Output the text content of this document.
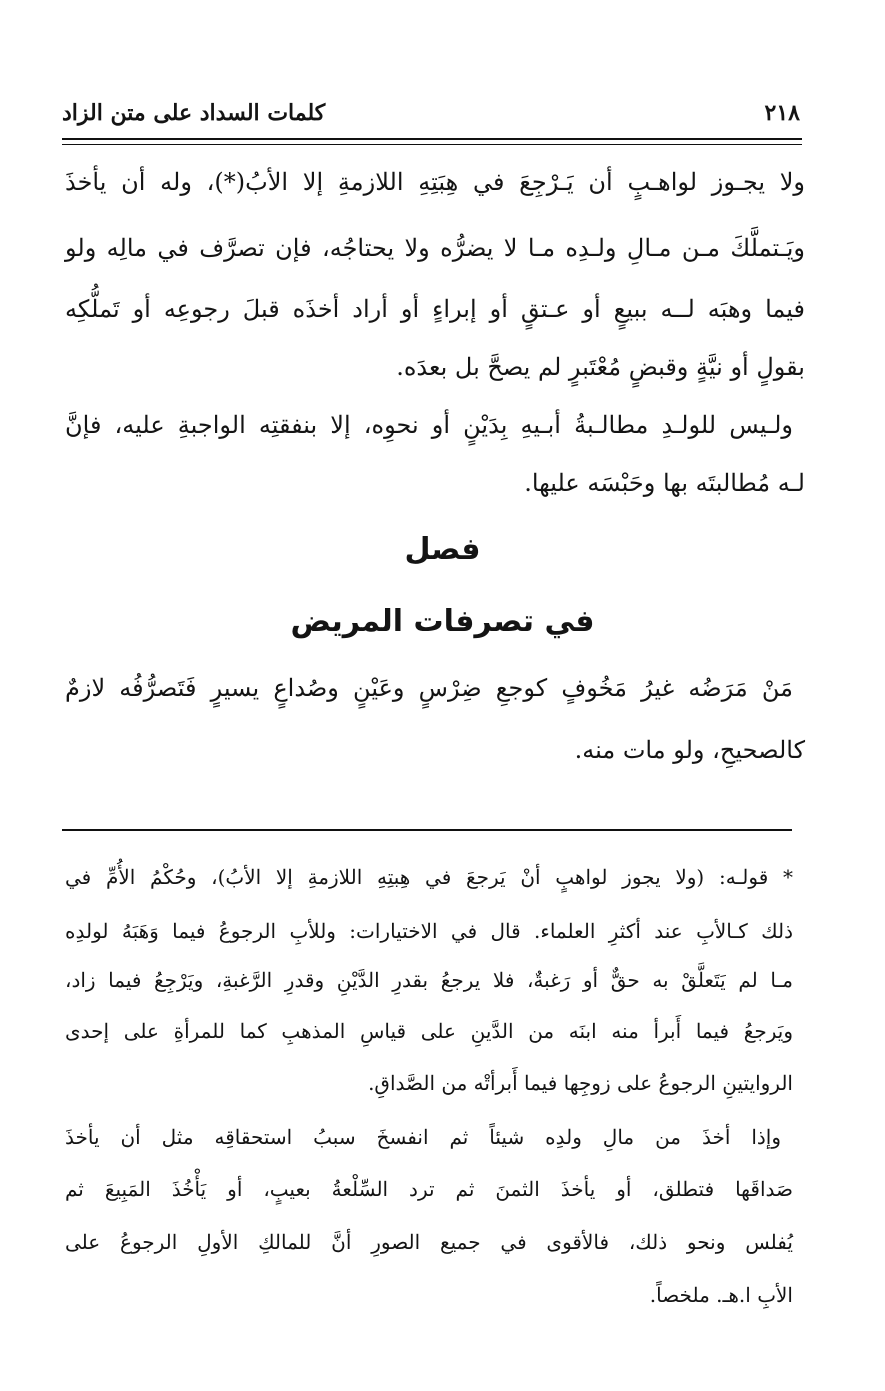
كلمات السداد على متن الزاد	٢١٨
ولا يجـوز لواهـبٍ أن يَـرْجِعَ في هِبَتِهِ اللازمةِ إلا الأبُ(*)، وله أن يأخذَ
ويَـتملَّكَ مـن مـالِ ولـدِه مـا لا يضرُّه ولا يحتاجُه، فإن تصرَّف في مالِه ولو
فيما وهبَه لــه ببيعٍ أو عـتقٍ أو إبراءٍ أو أراد أخذَه قبلَ رجوعِه أو تَملُّكِه
بقولٍ أو نيَّةٍ وقبضٍ مُعْتَبرٍ لم يصحَّ بل بعدَه.
ولـيس للولـدِ مطالـبةُ أبـيهِ بِدَيْنٍ أو نحوِه، إلا بنفقتِه الواجبةِ عليه، فإنَّ
لـه مُطالبتَه بها وحَبْسَه عليها.
فصل
في تصرفات المريض
مَنْ مَرَضُه غيرُ مَخُوفٍ كوجعِ ضِرْسٍ وعَيْنٍ وصُداعٍ يسيرٍ فَتَصرُّفُه لازمٌ
كالصحيحِ، ولو مات منه.
* قولـه: (ولا يجوز لواهبٍ أنْ يَرجعَ في هِبتِهِ اللازمةِ إلا الأبُ)، وحُكْمُ الأُمِّ في
ذلك كـالأبِ عند أكثرِ العلماء. قال في الاختيارات: وللأبِ الرجوعُ فيما وَهَبَهُ لولدِه
مـا لم يَتَعلَّقْ به حقٌّ أو رَغبةٌ، فلا يرجعُ بقدرِ الدَّيْنِ وقدرِ الرَّغبةِ، ويَرْجِعُ فيما زاد،
ويَرجعُ فيما أَبرأ منه ابنَه من الدَّينِ على قياسِ المذهبِ كما للمرأةِ على إحدى
الروايتينِ الرجوعُ على زوجِها فيما أَبرأتْه من الصَّداقِ.
وإذا أخذَ من مالِ ولدِه شيئاً ثم انفسخَ سببُ استحقاقِه مثل أن يأخذَ
صَداقَها فتطلق، أو يأخذَ الثمنَ ثم ترد السِّلْعةُ بعيبٍ، أو يَأْخُذَ المَبِيعَ ثم
يُفلس ونحو ذلك، فالأقوى في جميع الصورِ أنَّ للمالكِ الأولِ الرجوعُ على
الأبِ ا.هـ. ملخصاً.
